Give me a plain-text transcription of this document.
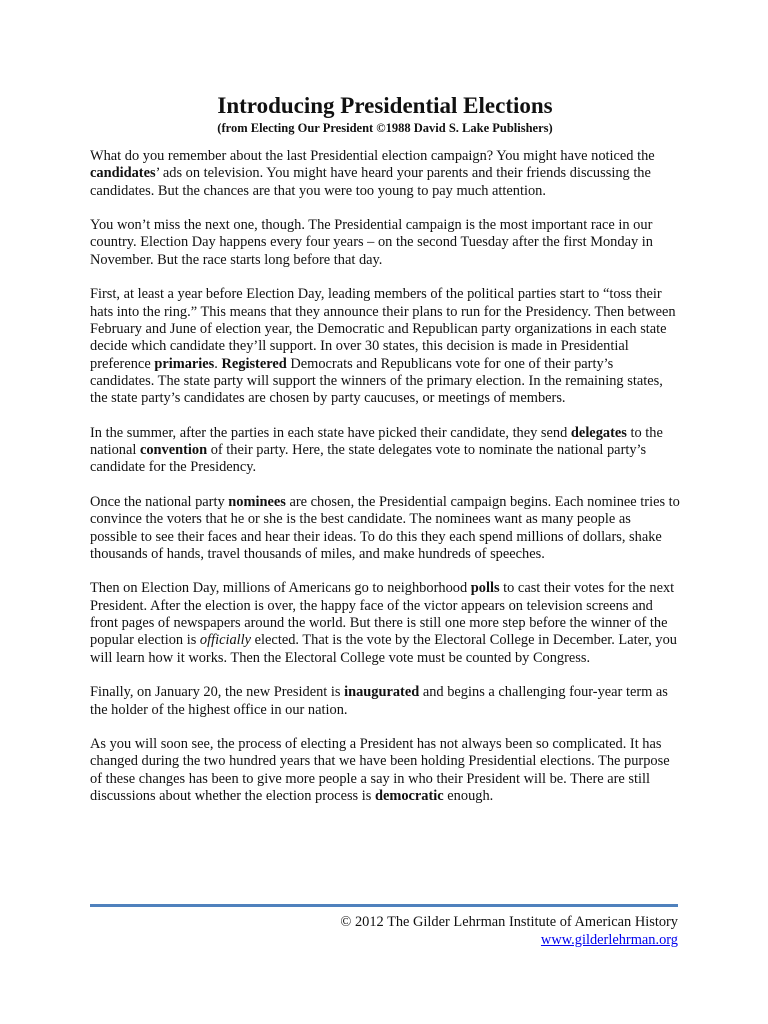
Introducing Presidential Elections

(from Electing Our President ©1988 David S. Lake Publishers)

What do you remember about the last Presidential election campaign? You might have noticed the candidates’ ads on television. You might have heard your parents and their friends discussing the candidates. But the chances are that you were too young to pay much attention.

You won’t miss the next one, though. The Presidential campaign is the most important race in our country. Election Day happens every four years – on the second Tuesday after the first Monday in November. But the race starts long before that day.

First, at least a year before Election Day, leading members of the political parties start to “toss their hats into the ring.” This means that they announce their plans to run for the Presidency. Then between February and June of election year, the Democratic and Republican party organizations in each state decide which candidate they’ll support. In over 30 states, this decision is made in Presidential preference primaries. Registered Democrats and Republicans vote for one of their party’s candidates. The state party will support the winners of the primary election. In the remaining states, the state party’s candidates are chosen by party caucuses, or meetings of members.

In the summer, after the parties in each state have picked their candidate, they send delegates to the national convention of their party. Here, the state delegates vote to nominate the national party’s candidate for the Presidency.

Once the national party nominees are chosen, the Presidential campaign begins. Each nominee tries to convince the voters that he or she is the best candidate. The nominees want as many people as possible to see their faces and hear their ideas. To do this they each spend millions of dollars, shake thousands of hands, travel thousands of miles, and make hundreds of speeches.

Then on Election Day, millions of Americans go to neighborhood polls to cast their votes for the next President. After the election is over, the happy face of the victor appears on television screens and front pages of newspapers around the world. But there is still one more step before the winner of the popular election is officially elected. That is the vote by the Electoral College in December. Later, you will learn how it works. Then the Electoral College vote must be counted by Congress.

Finally, on January 20, the new President is inaugurated and begins a challenging four-year term as the holder of the highest office in our nation.

As you will soon see, the process of electing a President has not always been so complicated. It has changed during the two hundred years that we have been holding Presidential elections. The purpose of these changes has been to give more people a say in who their President will be. There are still discussions about whether the election process is democratic enough.

© 2012 The Gilder Lehrman Institute of American History
www.gilderlehrman.org
